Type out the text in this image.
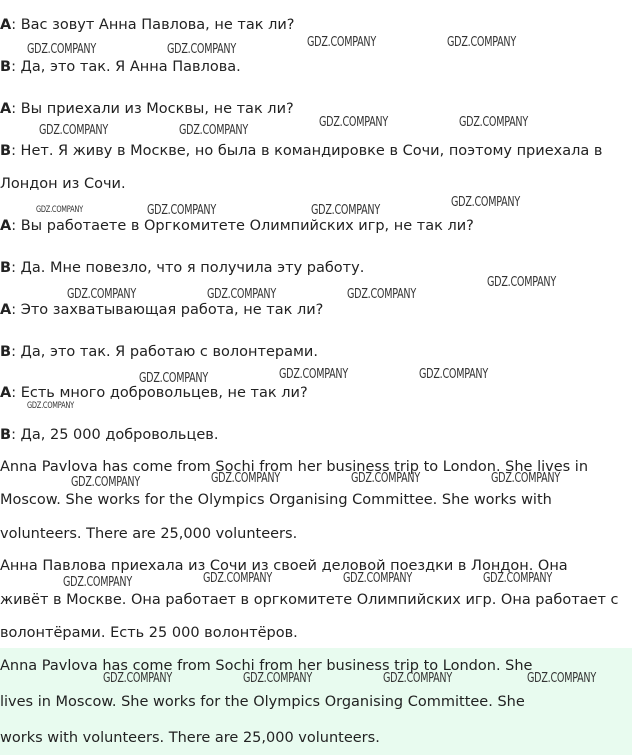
A: Вас зовут Анна Павлова, не так ли?
B: Да, это так. Я Анна Павлова.
A: Вы приехали из Москвы, не так ли?
B: Нет. Я живу в Москве, но была в командировке в Сочи, поэтому приехала в
Лондон из Сочи.
A: Вы работаете в Оргкомитете Олимпийских игр, не так ли?
B: Да. Мне повезло, что я получила эту работу.
A: Это захватывающая работа, не так ли?
B: Да, это так. Я работаю с волонтерами.
A: Есть много добровольцев, не так ли?
B: Да, 25 000 добровольцев.
Anna Pavlova has come from Sochi from her business trip to London. She lives in
Moscow. She works for the Olympics Organising Committee. She works with
volunteers. There are 25,000 volunteers.
Анна Павлова приехала из Сочи из своей деловой поездки в Лондон. Она
живёт в Москве. Она работает в оргкомитете Олимпийских игр. Она работает с
волонтёрами. Есть 25 000 волонтёров.
Anna Pavlova has come from Sochi from her business trip to London. She
lives in Moscow. She works for the Olympics Organising Committee. She
works with volunteers. There are 25,000 volunteers.
GDZ.COMPANY	GDZ.COMPANY	GDZ.COMPANY	GDZ.COMPANY
GDZ.COMPANY	GDZ.COMPANY
GDZ.COMPANY	GDZ.COMPANY
GDZ.COMPANY	GDZ.COMPANY	GDZ.COMPANY
GDZ.COMPANY
GDZ.COMPANY	GDZ.COMPANY	GDZ.COMPANY
GDZ.COMPANY
GDZ.COMPANY	GDZ.COMPANY	GDZ.COMPANY
GDZ.COMPANY
GDZ.COMPANY	GDZ.COMPANY	GDZ.COMPANY	GDZ.COMPANY
GDZ.COMPANY	GDZ.COMPANY	GDZ.COMPANY	GDZ.COMPANY
GDZ.COMPANY	GDZ.COMPANY	GDZ.COMPANY	GDZ.COMPANY
